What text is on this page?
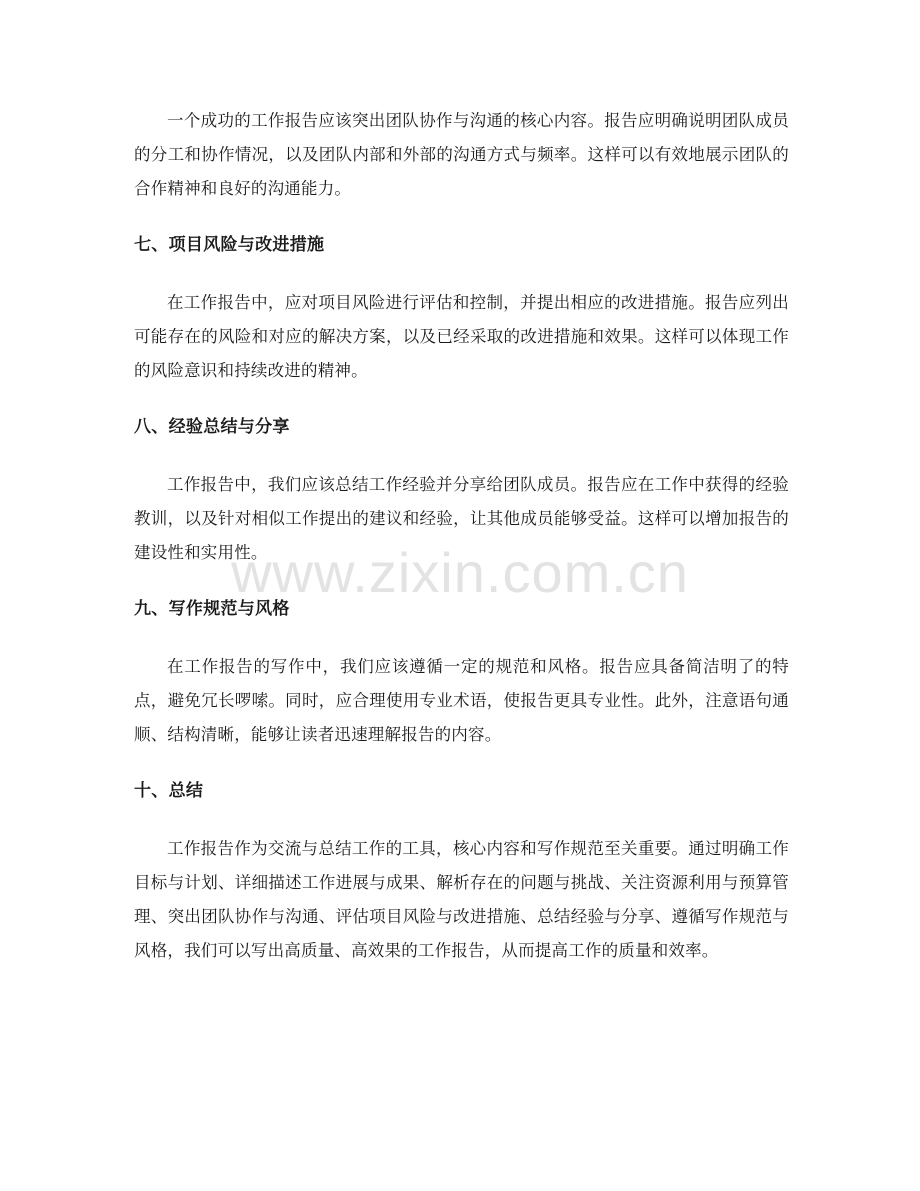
www.zixin.com.cn

一个成功的工作报告应该突出团队协作与沟通的核心内容。报告应明确说明团队成员的分工和协作情况，以及团队内部和外部的沟通方式与频率。这样可以有效地展示团队的合作精神和良好的沟通能力。

七、项目风险与改进措施

在工作报告中，应对项目风险进行评估和控制，并提出相应的改进措施。报告应列出可能存在的风险和对应的解决方案，以及已经采取的改进措施和效果。这样可以体现工作的风险意识和持续改进的精神。

八、经验总结与分享

工作报告中，我们应该总结工作经验并分享给团队成员。报告应在工作中获得的经验教训，以及针对相似工作提出的建议和经验，让其他成员能够受益。这样可以增加报告的建设性和实用性。

九、写作规范与风格

在工作报告的写作中，我们应该遵循一定的规范和风格。报告应具备简洁明了的特点，避免冗长啰嗦。同时，应合理使用专业术语，使报告更具专业性。此外，注意语句通顺、结构清晰，能够让读者迅速理解报告的内容。

十、总结

工作报告作为交流与总结工作的工具，核心内容和写作规范至关重要。通过明确工作目标与计划、详细描述工作进展与成果、解析存在的问题与挑战、关注资源利用与预算管理、突出团队协作与沟通、评估项目风险与改进措施、总结经验与分享、遵循写作规范与风格，我们可以写出高质量、高效果的工作报告，从而提高工作的质量和效率。
